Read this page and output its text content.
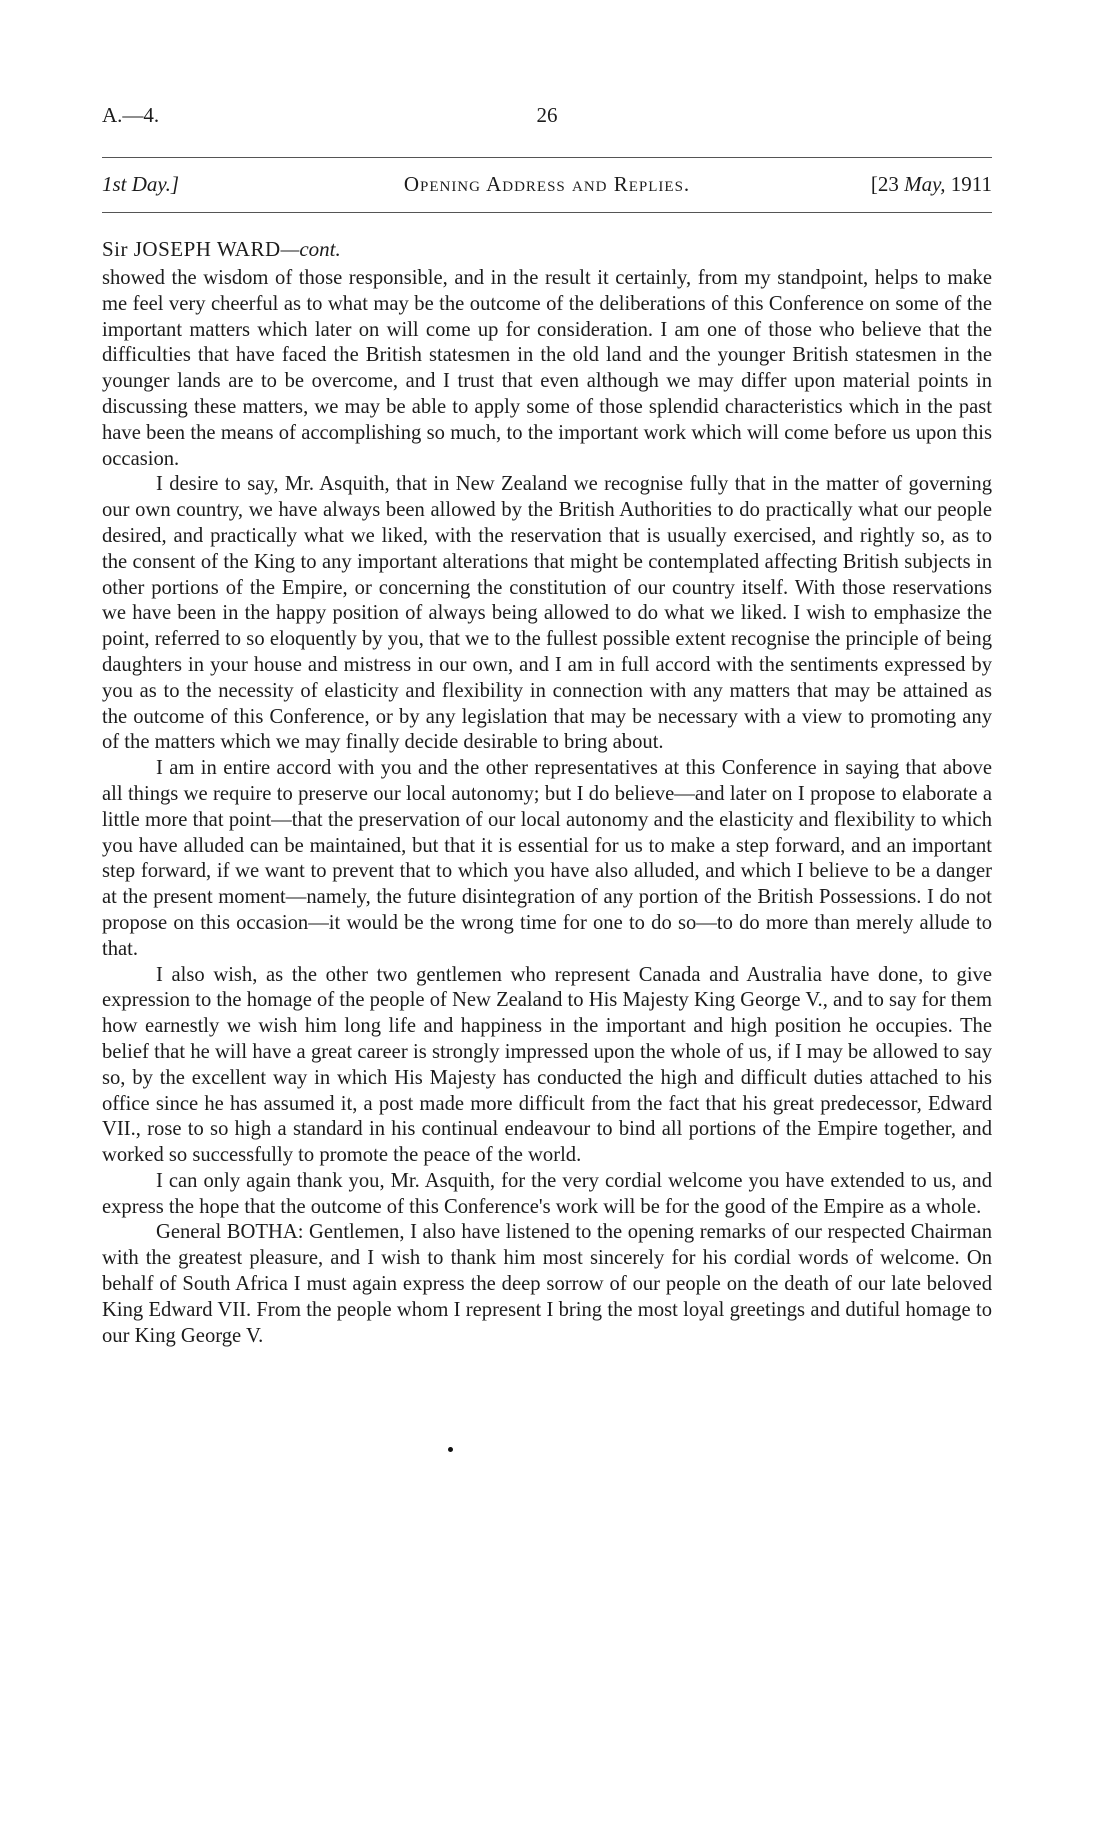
A.—4.	26
1st Day.]	Opening Address and Replies.	[23 May, 1911
Sir JOSEPH WARD—cont.

showed the wisdom of those responsible, and in the result it certainly, from my standpoint, helps to make me feel very cheerful as to what may be the outcome of the deliberations of this Conference on some of the important matters which later on will come up for consideration. I am one of those who believe that the difficulties that have faced the British statesmen in the old land and the younger British statesmen in the younger lands are to be overcome, and I trust that even although we may differ upon material points in discussing these matters, we may be able to apply some of those splendid characteristics which in the past have been the means of accomplishing so much, to the important work which will come before us upon this occasion.

I desire to say, Mr. Asquith, that in New Zealand we recognise fully that in the matter of governing our own country, we have always been allowed by the British Authorities to do practically what our people desired, and practically what we liked, with the reservation that is usually exercised, and rightly so, as to the consent of the King to any important alterations that might be contemplated affecting British subjects in other portions of the Empire, or concerning the constitution of our country itself. With those reservations we have been in the happy position of always being allowed to do what we liked. I wish to emphasize the point, referred to so eloquently by you, that we to the fullest possible extent recognise the principle of being daughters in your house and mistress in our own, and I am in full accord with the sentiments expressed by you as to the necessity of elasticity and flexibility in connection with any matters that may be attained as the outcome of this Conference, or by any legislation that may be necessary with a view to promoting any of the matters which we may finally decide desirable to bring about.

I am in entire accord with you and the other representatives at this Conference in saying that above all things we require to preserve our local autonomy; but I do believe—and later on I propose to elaborate a little more that point—that the preservation of our local autonomy and the elasticity and flexibility to which you have alluded can be maintained, but that it is essential for us to make a step forward, and an important step forward, if we want to prevent that to which you have also alluded, and which I believe to be a danger at the present moment—namely, the future disintegration of any portion of the British Possessions. I do not propose on this occasion—it would be the wrong time for one to do so—to do more than merely allude to that.

I also wish, as the other two gentlemen who represent Canada and Australia have done, to give expression to the homage of the people of New Zealand to His Majesty King George V., and to say for them how earnestly we wish him long life and happiness in the important and high position he occupies. The belief that he will have a great career is strongly impressed upon the whole of us, if I may be allowed to say so, by the excellent way in which His Majesty has conducted the high and difficult duties attached to his office since he has assumed it, a post made more difficult from the fact that his great predecessor, Edward VII., rose to so high a standard in his continual endeavour to bind all portions of the Empire together, and worked so successfully to promote the peace of the world.

I can only again thank you, Mr. Asquith, for the very cordial welcome you have extended to us, and express the hope that the outcome of this Conference's work will be for the good of the Empire as a whole.

General BOTHA: Gentlemen, I also have listened to the opening remarks of our respected Chairman with the greatest pleasure, and I wish to thank him most sincerely for his cordial words of welcome. On behalf of South Africa I must again express the deep sorrow of our people on the death of our late beloved King Edward VII. From the people whom I represent I bring the most loyal greetings and dutiful homage to our King George V.
